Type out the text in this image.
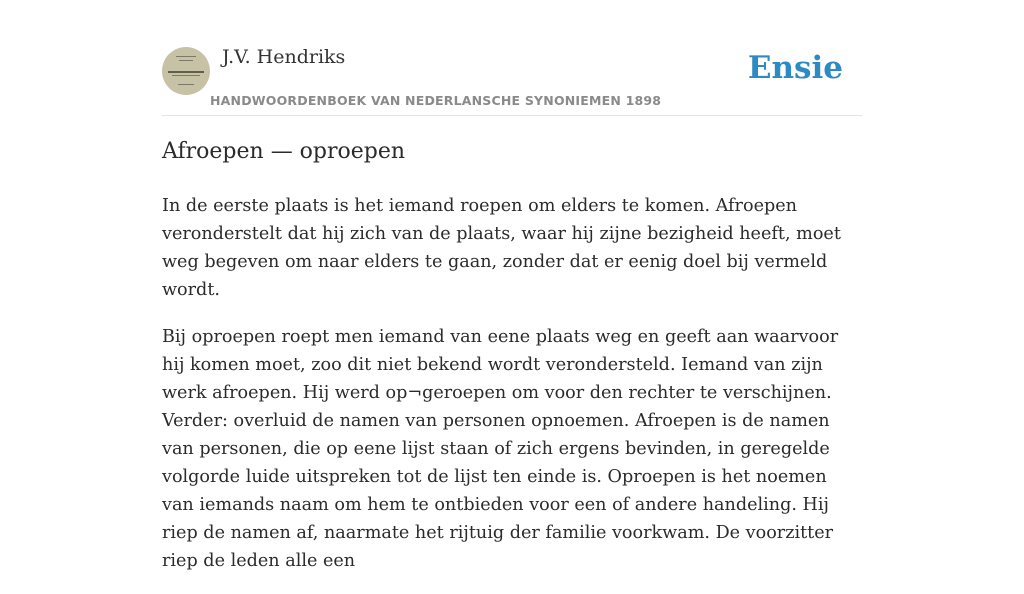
J.V. Hendriks
HANDWOORDENBOEK VAN NEDERLANSCHE SYNONIEMEN 1898
Ensie
Afroepen — oproepen

In de eerste plaats is het iemand roepen om elders te komen. Afroepen veronderstelt dat hij zich van de plaats, waar hij zijne bezigheid heeft, moet weg begeven om naar elders te gaan, zonder dat er eenig doel bij vermeld wordt.

Bij oproepen roept men iemand van eene plaats weg en geeft aan waarvoor hij komen moet, zoo dit niet bekend wordt verondersteld. Iemand van zijn werk afroepen. Hij werd op¬geroepen om voor den rechter te verschijnen. Verder: overluid de namen van personen opnoemen. Afroepen is de namen van personen, die op eene lijst staan of zich ergens bevinden, in geregelde volgorde luide uitspreken tot de lijst ten einde is. Oproepen is het noemen van iemands naam om hem te ontbieden voor een of andere handeling. Hij riep de namen af, naarmate het rijtuig der familie voorkwam. De voorzitter riep de leden alle een
